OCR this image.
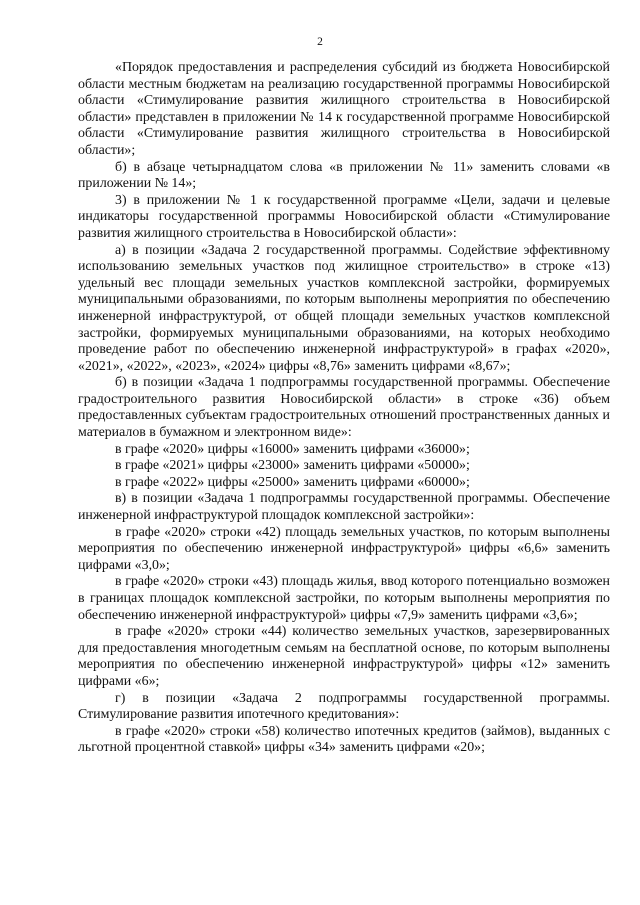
2

«Порядок предоставления и распределения субсидий из бюджета Новосибирской области местным бюджетам на реализацию государственной программы Новосибирской области «Стимулирование развития жилищного строительства в Новосибирской области» представлен в приложении № 14 к государственной программе Новосибирской области «Стимулирование развития жилищного строительства в Новосибирской области»;

б) в абзаце четырнадцатом слова «в приложении № 11» заменить словами «в приложении № 14»;

3) в приложении № 1 к государственной программе «Цели, задачи и целевые индикаторы государственной программы Новосибирской области «Стимулирование развития жилищного строительства в Новосибирской области»:

а) в позиции «Задача 2 государственной программы. Содействие эффективному использованию земельных участков под жилищное строительство» в строке «13) удельный вес площади земельных участков комплексной застройки, формируемых муниципальными образованиями, по которым выполнены мероприятия по обеспечению инженерной инфраструктурой, от общей площади земельных участков комплексной застройки, формируемых муниципальными образованиями, на которых необходимо проведение работ по обеспечению инженерной инфраструктурой» в графах «2020», «2021», «2022», «2023», «2024» цифры «8,76» заменить цифрами «8,67»;

б) в позиции «Задача 1 подпрограммы государственной программы. Обеспечение градостроительного развития Новосибирской области» в строке «36) объем предоставленных субъектам градостроительных отношений пространственных данных и материалов в бумажном и электронном виде»:

в графе «2020» цифры «16000» заменить цифрами «36000»;

в графе «2021» цифры «23000» заменить цифрами «50000»;

в графе «2022» цифры «25000» заменить цифрами «60000»;

в) в позиции «Задача 1 подпрограммы государственной программы. Обеспечение инженерной инфраструктурой площадок комплексной застройки»:

в графе «2020» строки «42) площадь земельных участков, по которым выполнены мероприятия по обеспечению инженерной инфраструктурой» цифры «6,6» заменить цифрами «3,0»;

в графе «2020» строки «43) площадь жилья, ввод которого потенциально возможен в границах площадок комплексной застройки, по которым выполнены мероприятия по обеспечению инженерной инфраструктурой» цифры «7,9» заменить цифрами «3,6»;

в графе «2020» строки «44) количество земельных участков, зарезервированных для предоставления многодетным семьям на бесплатной основе, по которым выполнены мероприятия по обеспечению инженерной инфраструктурой» цифры «12» заменить цифрами «6»;

г) в позиции «Задача 2 подпрограммы государственной программы. Стимулирование развития ипотечного кредитования»:

в графе «2020» строки «58) количество ипотечных кредитов (займов), выданных с льготной процентной ставкой» цифры «34» заменить цифрами «20»;
